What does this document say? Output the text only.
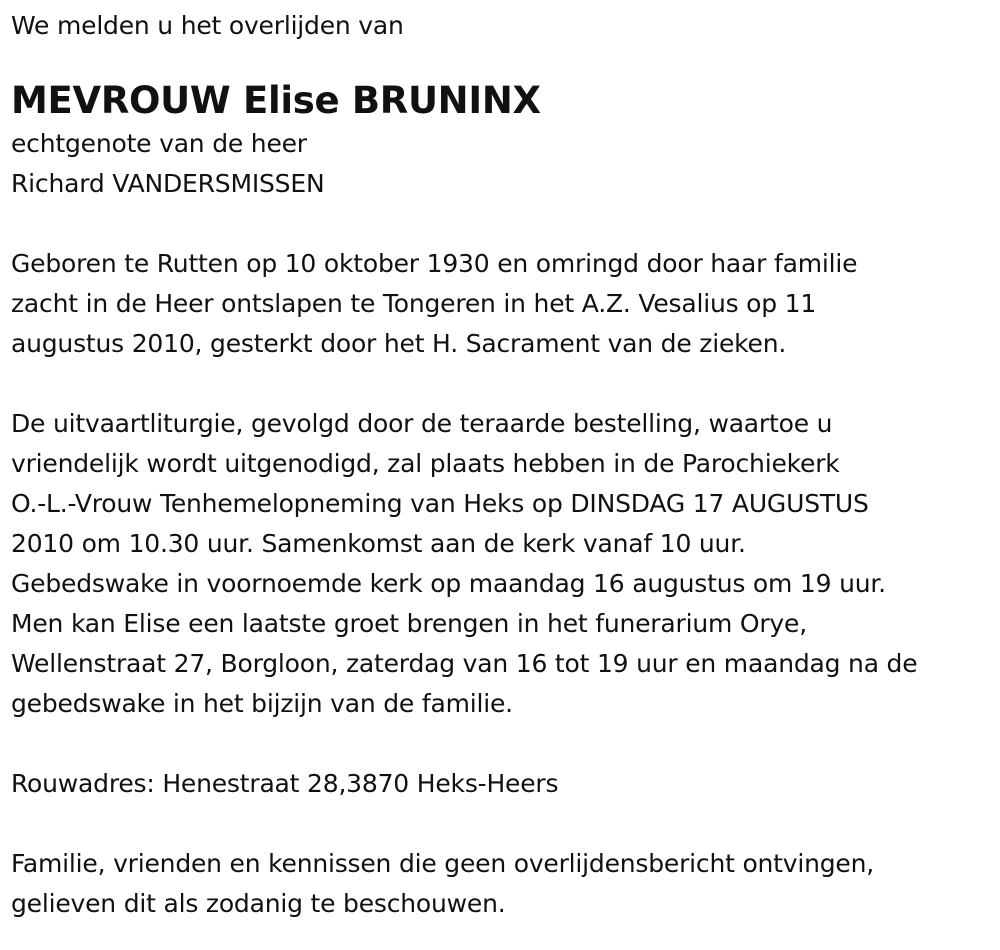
We melden u het overlijden van
MEVROUW Elise BRUNINX
echtgenote van de heer
Richard VANDERSMISSEN
Geboren te Rutten op 10 oktober 1930 en omringd door haar familie
zacht in de Heer ontslapen te Tongeren in het A.Z. Vesalius op 11
augustus 2010, gesterkt door het H. Sacrament van de zieken.
De uitvaartliturgie, gevolgd door de teraarde bestelling, waartoe u
vriendelijk wordt uitgenodigd, zal plaats hebben in de Parochiekerk
O.-L.-Vrouw Tenhemelopneming van Heks op DINSDAG 17 AUGUSTUS
2010 om 10.30 uur. Samenkomst aan de kerk vanaf 10 uur.
Gebedswake in voornoemde kerk op maandag 16 augustus om 19 uur.
Men kan Elise een laatste groet brengen in het funerarium Orye,
Wellenstraat 27, Borgloon, zaterdag van 16 tot 19 uur en maandag na de
gebedswake in het bijzijn van de familie.
Rouwadres: Henestraat 28,3870 Heks-Heers
Familie, vrienden en kennissen die geen overlijdensbericht ontvingen,
gelieven dit als zodanig te beschouwen.
